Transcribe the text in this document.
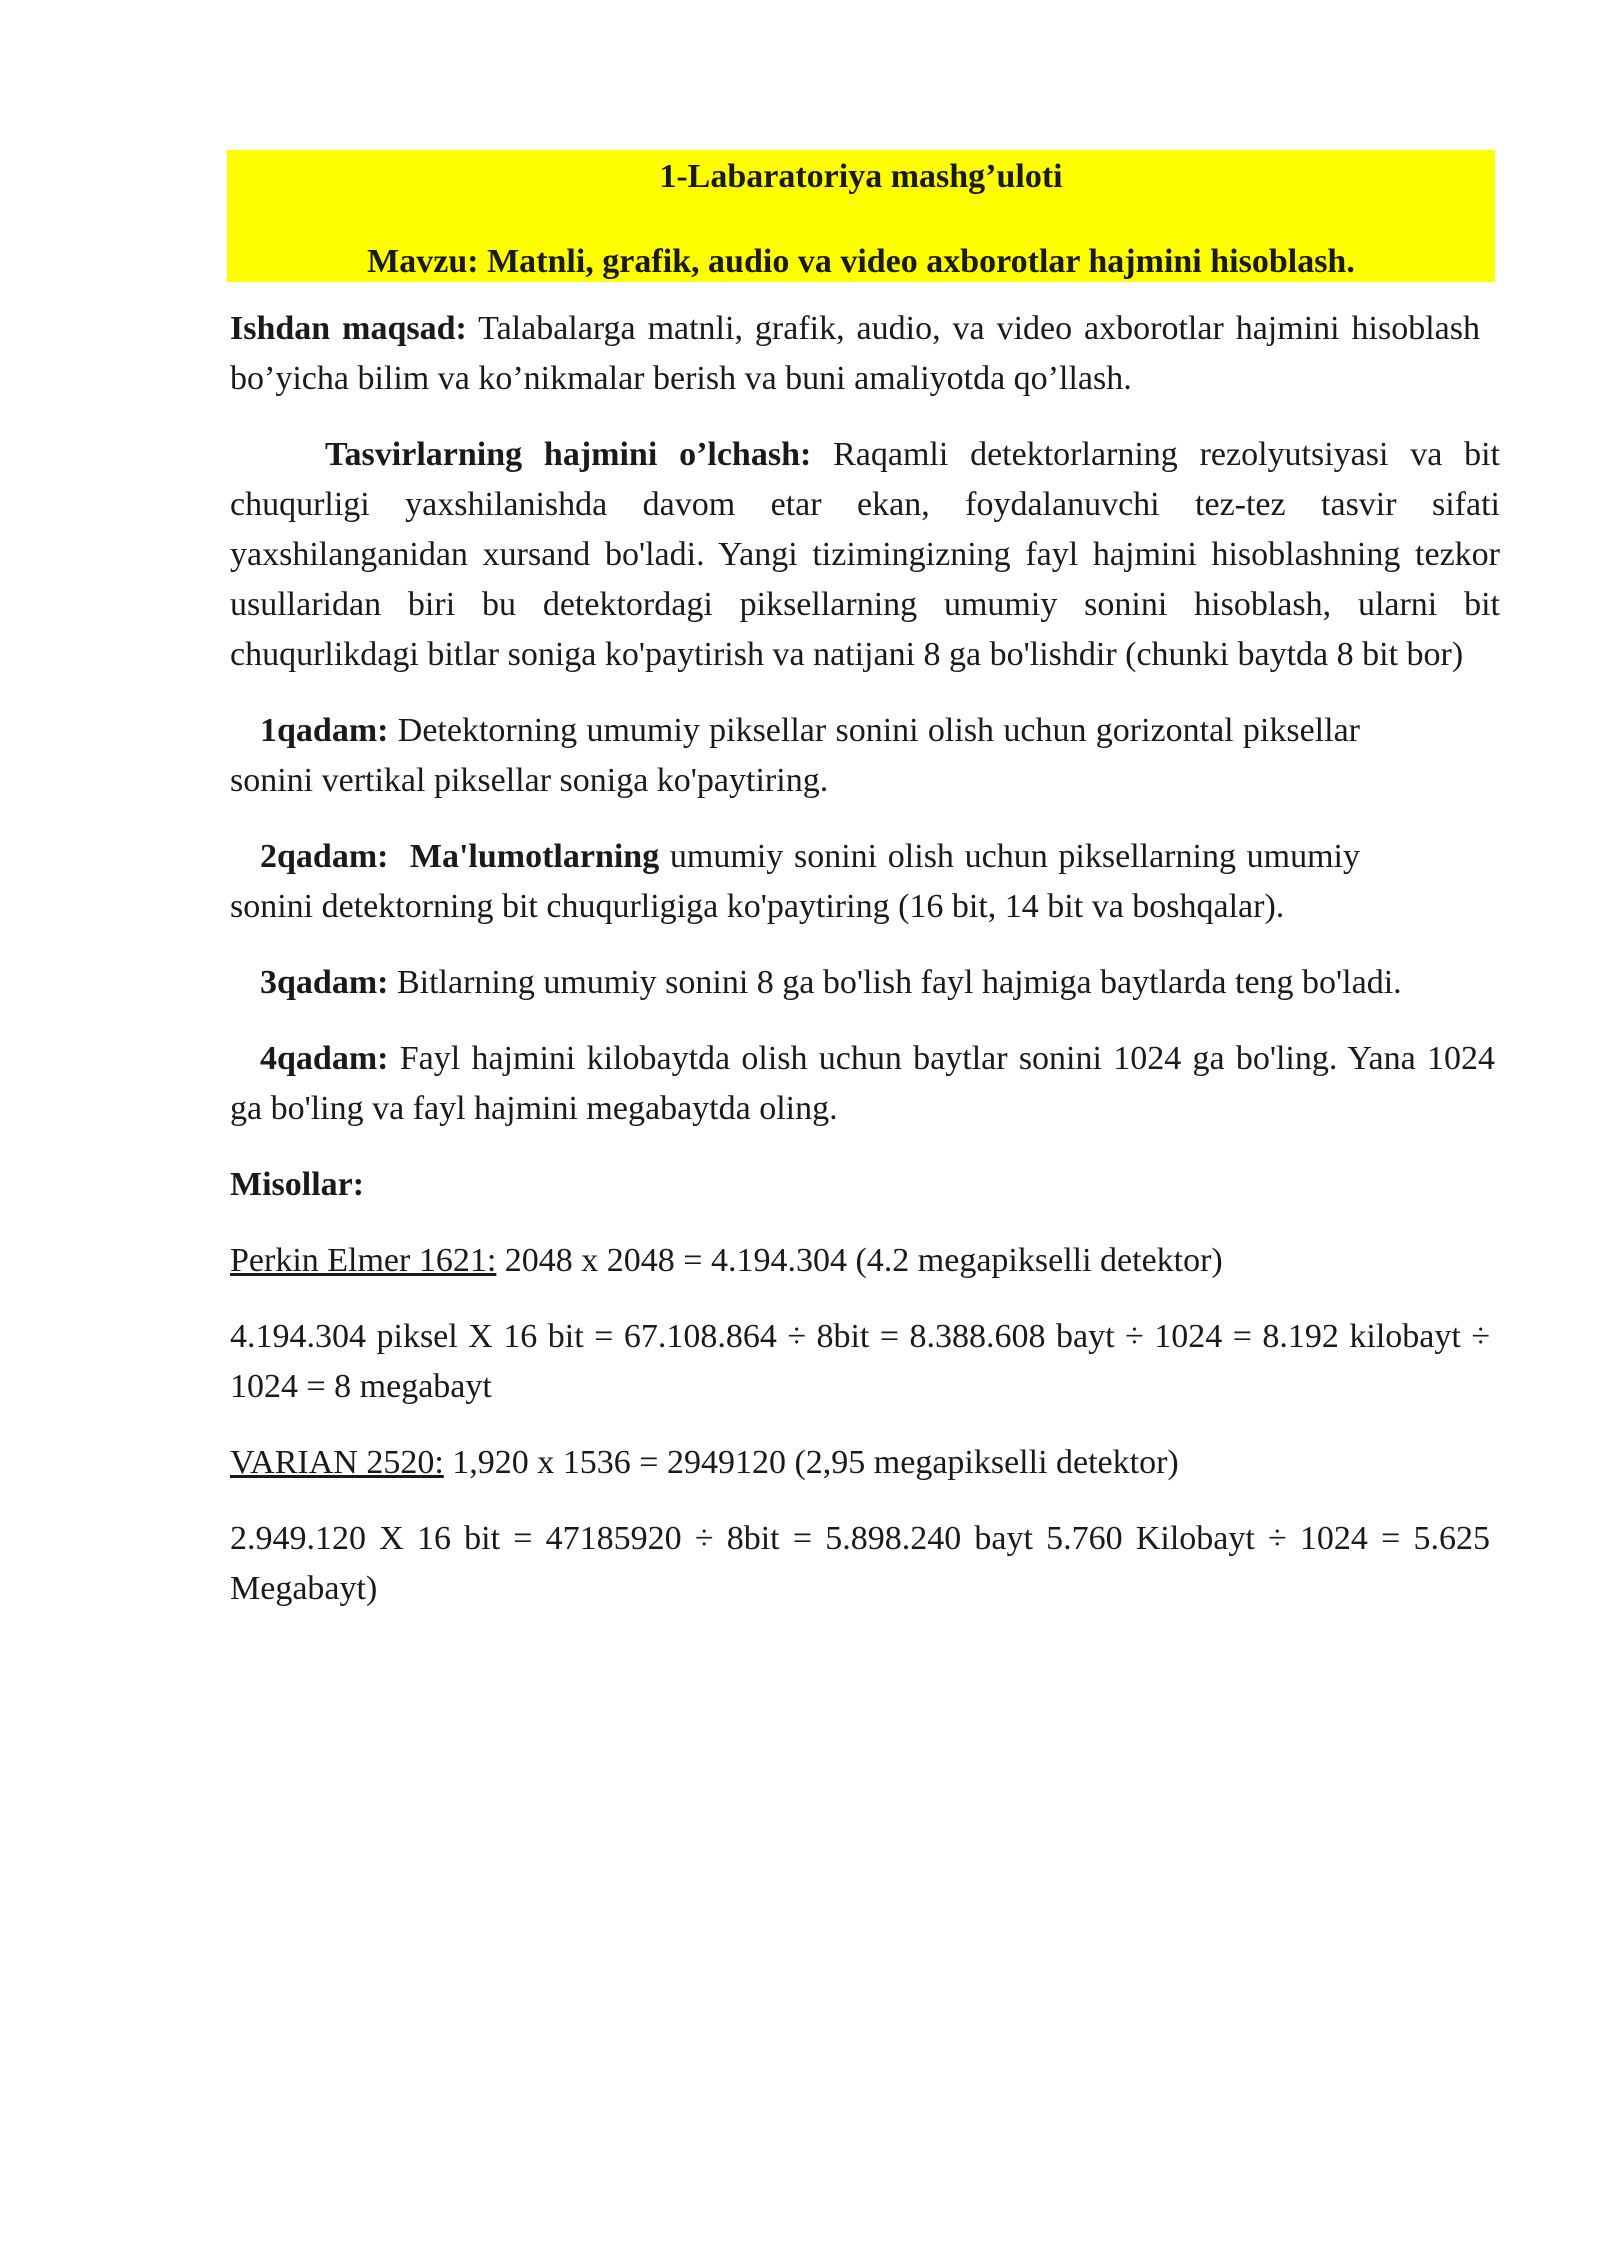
1-Labaratoriya mashg’uloti
Mavzu: Matnli, grafik, audio va video axborotlar hajmini hisoblash.

Ishdan maqsad: Talabalarga matnli, grafik, audio, va video axborotlar hajmini hisoblash bo’yicha bilim va ko’nikmalar berish va buni amaliyotda qo’llash.

Tasvirlarning hajmini o’lchash: Raqamli detektorlarning rezolyutsiyasi va bit chuqurligi yaxshilanishda davom etar ekan, foydalanuvchi tez-tez tasvir sifati yaxshilanganidan xursand bo'ladi. Yangi tizimingizning fayl hajmini hisoblashning tezkor usullaridan biri bu detektordagi piksellarning umumiy sonini hisoblash, ularni bit chuqurlikdagi bitlar soniga ko'paytirish va natijani 8 ga bo'lishdir (chunki baytda 8 bit bor)

1qadam: Detektorning umumiy piksellar sonini olish uchun gorizontal piksellar sonini vertikal piksellar soniga ko'paytiring.

2qadam:  Ma'lumotlarning umumiy sonini olish uchun piksellarning umumiy sonini detektorning bit chuqurligiga ko'paytiring (16 bit, 14 bit va boshqalar).

3qadam: Bitlarning umumiy sonini 8 ga bo'lish fayl hajmiga baytlarda teng bo'ladi.

4qadam: Fayl hajmini kilobaytda olish uchun baytlar sonini 1024 ga bo'ling. Yana 1024 ga bo'ling va fayl hajmini megabaytda oling.

Misollar:

Perkin Elmer 1621: 2048 x 2048 = 4.194.304 (4.2 megapikselli detektor)

4.194.304 piksel X 16 bit = 67.108.864 ÷ 8bit = 8.388.608 bayt ÷ 1024 = 8.192 kilobayt ÷ 1024 = 8 megabayt

VARIAN 2520: 1,920 x 1536 = 2949120 (2,95 megapikselli detektor)

2.949.120 X 16 bit = 47185920 ÷ 8bit = 5.898.240 bayt 5.760 Kilobayt ÷ 1024 = 5.625 Megabayt)
